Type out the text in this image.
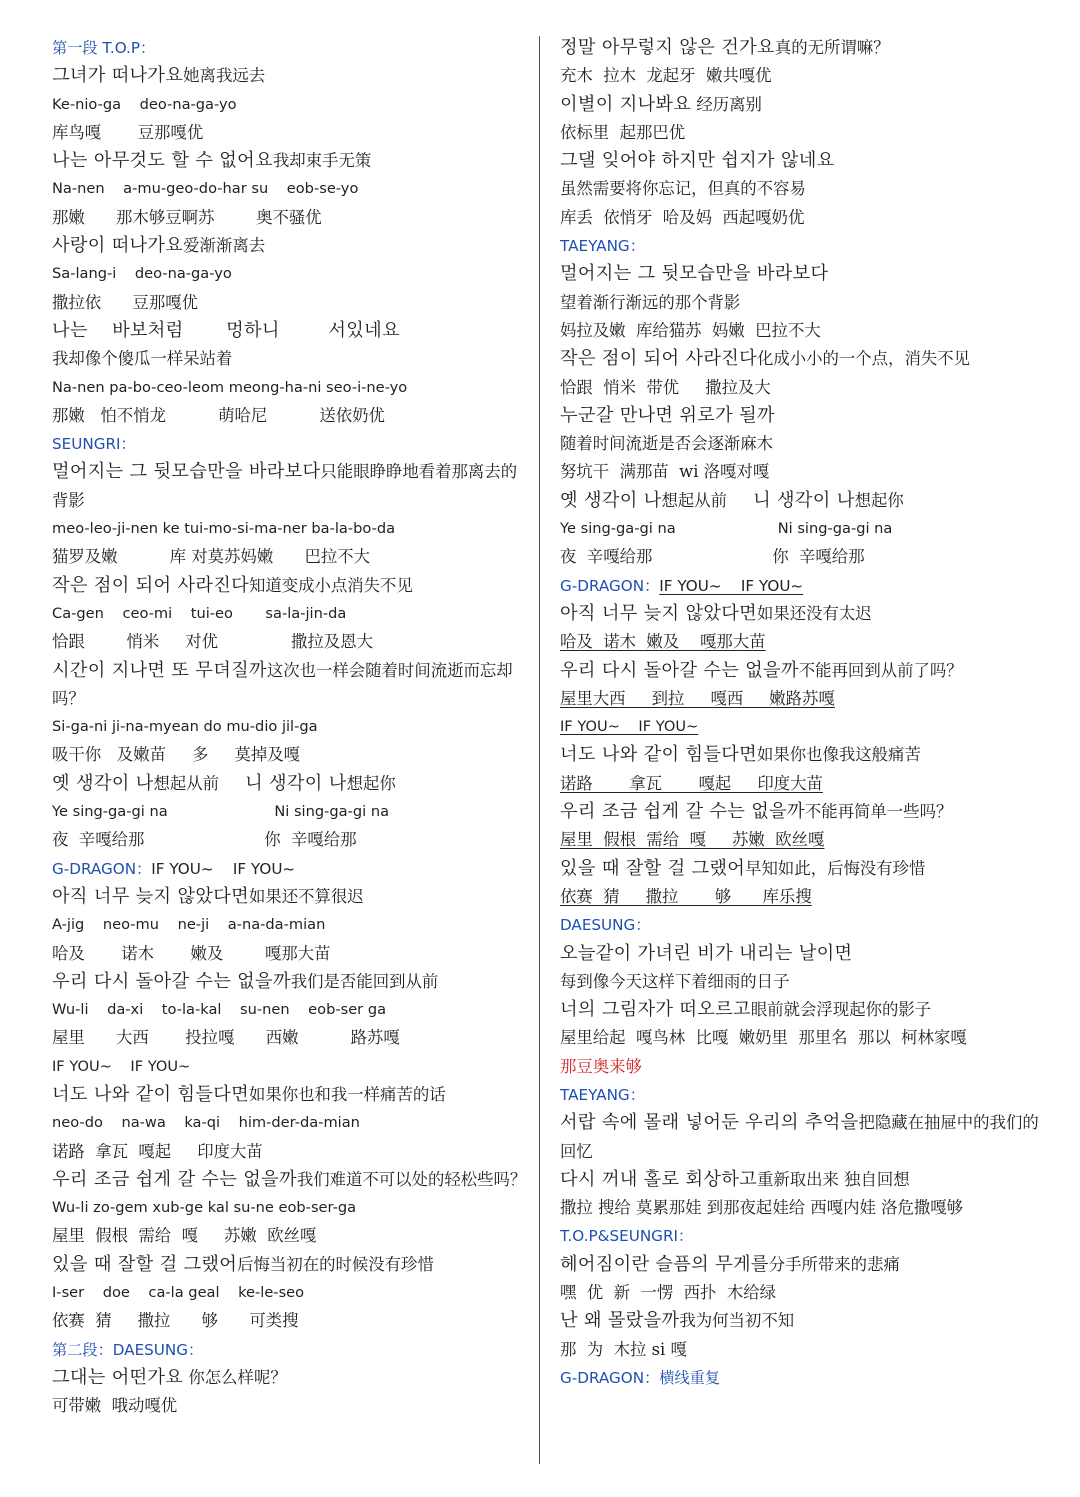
第一段 T.O.P：
그녀가 떠나가요她离我远去
Ke-nio-ga    deo-na-ga-yo
库鸟嘎       豆那嘎优
나는 아무것도 할 수 없어요我却束手无策
Na-nen    a-mu-geo-do-har su    eob-se-yo
那嫩      那木够豆啊苏        奥不骚优
사랑이 떠나가요爱渐渐离去
Sa-lang-i    deo-na-ga-yo
撒拉依      豆那嘎优
나는    바보처럼       멍하니        서있네요
我却像个傻瓜一样呆站着
Na-nen pa-bo-ceo-leom meong-ha-ni seo-i-ne-yo
那嫩   怕不悄龙          萌哈尼          送依奶优
SEUNGRI：
멀어지는 그 뒷모습만을 바라보다只能眼睁睁地看着那离去的背影
meo-leo-ji-nen ke tui-mo-si-ma-ner ba-la-bo-da
猫罗及嫩          库 对莫苏妈嫩      巴拉不大
작은 점이 되어 사라진다知道变成小点消失不见
Ca-gen    ceo-mi    tui-eo       sa-la-jin-da
恰跟        悄米     对优              撒拉及恩大
시간이 지나면 또 무뎌질까这次也一样会随着时间流逝而忘却吗？
Si-ga-ni ji-na-myean do mu-dio jil-ga
吸干你   及嫩苗     多     莫掉及嘎
옛 생각이 나想起从前 니 생각이 나想起你
Ye sing-ga-gi na                       Ni sing-ga-gi na
夜  辛嘎给那                       你  辛嘎给那
G-DRAGON：IF YOU~    IF YOU~
아직 너무 늦지 않았다면如果还不算很迟
A-jig    neo-mu    ne-ji    a-na-da-mian
哈及       诺木       嫩及        嘎那大苗
우리 다시 돌아갈 수는 없을까我们是否能回到从前
Wu-li    da-xi    to-la-kal    su-nen    eob-ser ga
屋里      大西       投拉嘎      西嫩          路苏嘎
IF YOU~    IF YOU~
너도 나와 같이 힘들다면如果你也和我一样痛苦的话
neo-do    na-wa    ka-qi    him-der-da-mian
诺路  拿瓦  嘎起     印度大苗
우리 조금 쉽게 갈 수는 없을까我们难道不可以处的轻松些吗？
Wu-li zo-gem xub-ge kal su-ne eob-ser-ga
屋里  假根  需给  嘎     苏嫩  欧丝嘎
있을 때 잘할 걸 그랬어后悔当初在的时候没有珍惜
I-ser    doe    ca-la geal    ke-le-seo
依赛  猜     撒拉      够      可类搜
第二段：DAESUNG：
그대는 어떤가요 你怎么样呢？
可带嫩  哦动嘎优
정말 아무렇지 않은 건가요真的无所谓嘛？
充木  拉木  龙起牙  嫩共嘎优
이별이 지나봐요 经历离别
依标里  起那巴优
그댈 잊어야 하지만 쉽지가 않네요
虽然需要将你忘记，但真的不容易
库丢  依悄牙  哈及妈  西起嘎奶优
TAEYANG：
멀어지는 그 뒷모습만을 바라보다
望着渐行渐远的那个背影
妈拉及嫩  库给猫苏  妈嫩  巴拉不大
작은 점이 되어 사라진다化成小小的一个点，消失不见
恰跟  悄米  带优     撒拉及大
누군갈 만나면 위로가 될까
随着时间流逝是否会逐渐麻木
努坑干  满那苗  wi 洛嘎对嘎
옛 생각이 나想起从前 니 생각이 나想起你
Ye sing-ga-gi na                      Ni sing-ga-gi na
夜  辛嘎给那                       你  辛嘎给那
G-DRAGON：IF YOU~    IF YOU~
아직 너무 늦지 않았다면如果还没有太迟
哈及  诺木  嫩及    嘎那大苗
우리 다시 돌아갈 수는 없을까不能再回到从前了吗？
屋里大西     到拉     嘎西     嫩路苏嘎
IF YOU~    IF YOU~
너도 나와 같이 힘들다면如果你也像我这般痛苦
诺路       拿瓦       嘎起     印度大苗
우리 조금 쉽게 갈 수는 없을까不能再简单一些吗？
屋里  假根  需给  嘎     苏嫩  欧丝嘎
있을 때 잘할 걸 그랬어早知如此，后悔没有珍惜
依赛  猜     撒拉       够      库乐搜
DAESUNG：
오늘같이 가녀린 비가 내리는 날이면
每到像今天这样下着细雨的日子
너의 그림자가 떠오르고眼前就会浮现起你的影子
屋里给起  嘎鸟林  比嘎  嫩奶里  那里名  那以  柯林家嘎
那豆奥来够
TAEYANG：
서랍 속에 몰래 넣어둔 우리의 추억을把隐藏在抽屉中的我们的回忆
다시 꺼내 홀로 회상하고重新取出来 独自回想
撒拉 搜给 莫累那娃 到那夜起娃给 西嘎内娃 洛危撒嘎够
T.O.P&SEUNGRI：
헤어짐이란 슬픔의 무게를分手所带来的悲痛
嘿  优  新  一愣  西扑  木给绿
난 왜 몰랐을까我为何当初不知
那  为  木拉 si 嘎
G-DRAGON：横线重复
